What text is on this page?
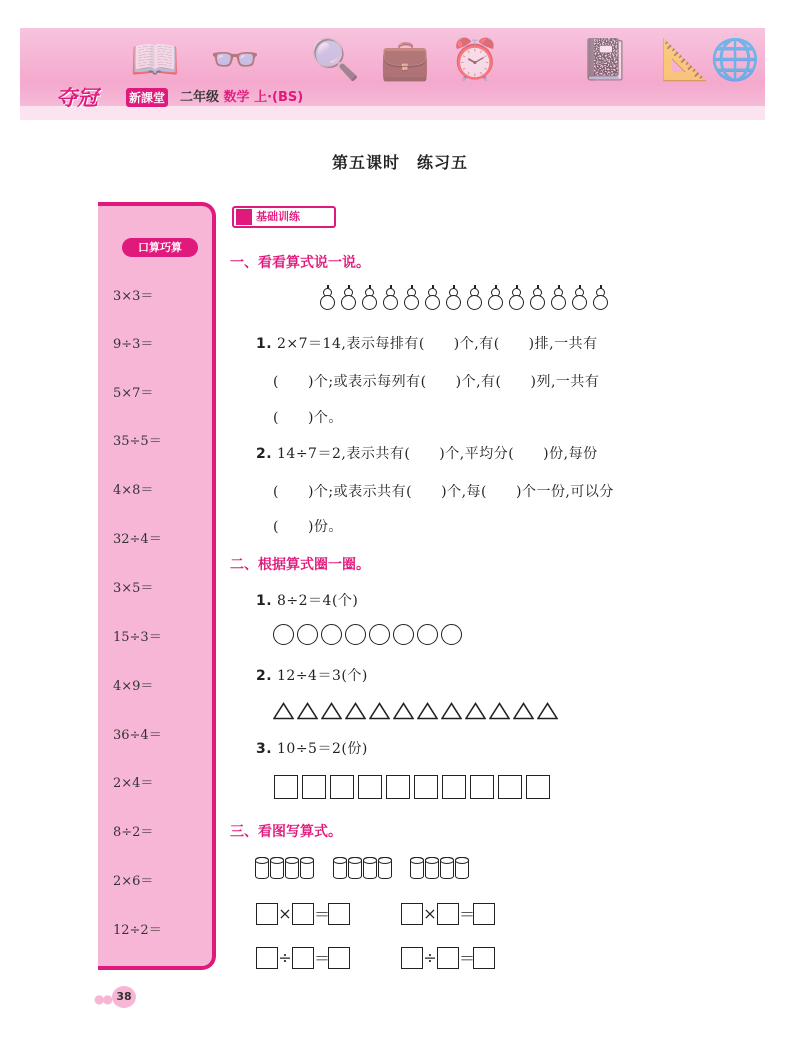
📖 👓 🔍 💼 ⏰ 📓 📐 🌐
夺冠	新課堂 二年级 数学 上·(BS)
第五课时　练习五
口算巧算
3×3＝
9÷3＝
5×7＝
35÷5＝
4×8＝
32÷4＝
3×5＝
15÷3＝
4×9＝
36÷4＝
2×4＝
8÷2＝
2×6＝
12÷2＝
基础训练
一、看看算式说一说。
1. 2×7＝14,表示每排有(　　)个,有(　　)排,一共有
(　　)个;或表示每列有(　　)个,有(　　)列,一共有
(　　)个。
2. 14÷7＝2,表示共有(　　)个,平均分(　　)份,每份
(　　)个;或表示共有(　　)个,每(　　)个一份,可以分
(　　)份。
二、根据算式圈一圈。
1. 8÷2＝4(个)
2. 12÷4＝3(个)
3. 10÷5＝2(份)
三、看图写算式。
× ＝	× ＝
÷ ＝	÷ ＝
●● 38
